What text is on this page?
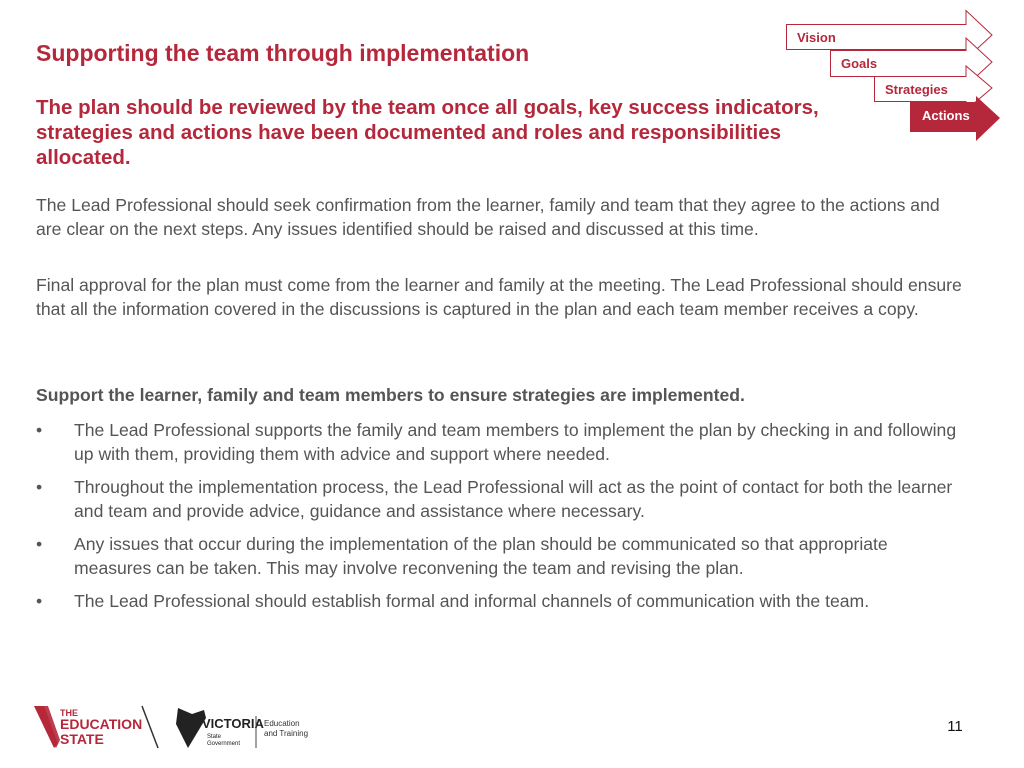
Supporting the team through implementation
Vision
Goals
Strategies
Actions

The plan should be reviewed by the team once all goals, key success indicators, strategies and actions have been documented and roles and responsibilities allocated.

The Lead Professional should seek confirmation from the learner, family and team that they agree to the actions and are clear on the next steps. Any issues identified should be raised and discussed at this time.

Final approval for the plan must come from the learner and family at the meeting. The Lead Professional should ensure that all the information covered in the discussions is captured in the plan and each team member receives a copy.

Support the learner, family and team members to ensure strategies are implemented.
• The Lead Professional supports the family and team members to implement the plan by checking in and following up with them, providing them with advice and support where needed.
• Throughout the implementation process, the Lead Professional will act as the point of contact for both the learner and team and provide advice, guidance and assistance where necessary.
• Any issues that occur during the implementation of the plan should be communicated so that appropriate measures can be taken. This may involve reconvening the team and revising the plan.
• The Lead Professional should establish formal and informal channels of communication with the team.
THE
EDUCATION
STATE
VICTORIA
State
Government
Education
and Training	11
